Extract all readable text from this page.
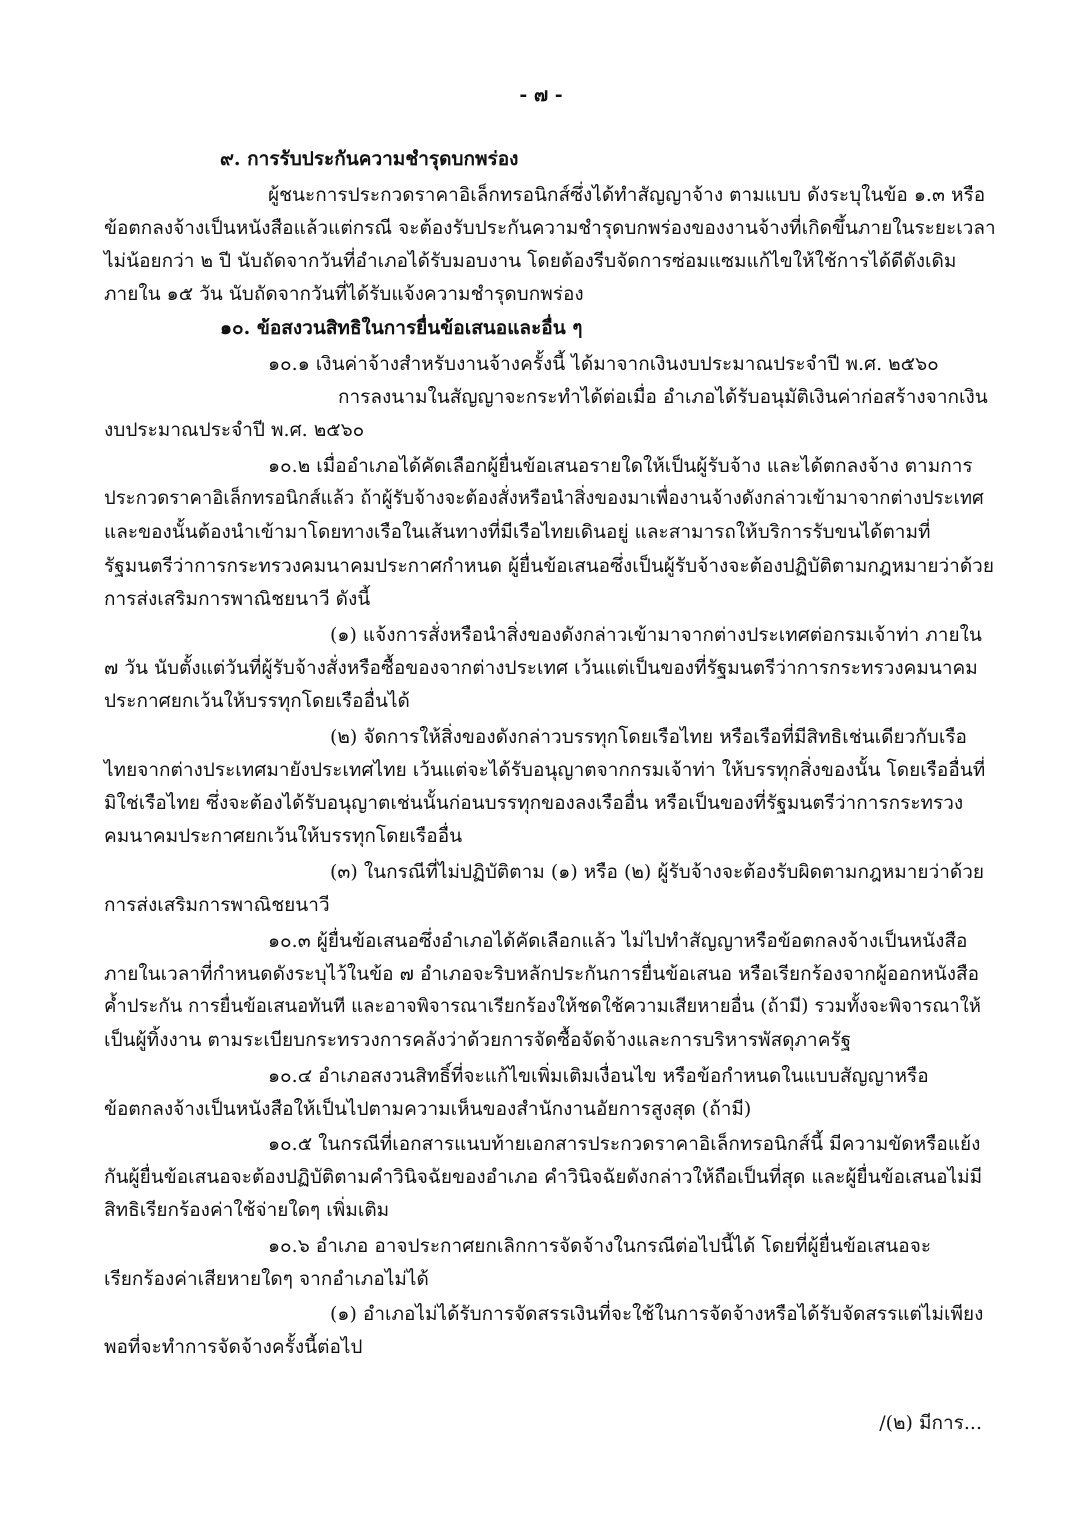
- ๗ -
๙. การรับประกันความชำรุดบกพร่อง
ผู้ชนะการประกวดราคาอิเล็กทรอนิกส์ซึ่งได้ทำสัญญาจ้าง ตามแบบ ดังระบุในข้อ ๑.๓ หรือ
ข้อตกลงจ้างเป็นหนังสือแล้วแต่กรณี จะต้องรับประกันความชำรุดบกพร่องของงานจ้างที่เกิดขึ้นภายในระยะเวลา
ไม่น้อยกว่า ๒ ปี นับถัดจากวันที่อำเภอได้รับมอบงาน โดยต้องรีบจัดการซ่อมแซมแก้ไขให้ใช้การได้ดีดังเดิม
ภายใน ๑๕ วัน นับถัดจากวันที่ได้รับแจ้งความชำรุดบกพร่อง
๑๐. ข้อสงวนสิทธิในการยื่นข้อเสนอและอื่น ๆ
๑๐.๑ เงินค่าจ้างสำหรับงานจ้างครั้งนี้ ได้มาจากเงินงบประมาณประจำปี พ.ศ. ๒๕๖๐
การลงนามในสัญญาจะกระทำได้ต่อเมื่อ อำเภอได้รับอนุมัติเงินค่าก่อสร้างจากเงิน
งบประมาณประจำปี พ.ศ. ๒๕๖๐
๑๐.๒ เมื่ออำเภอได้คัดเลือกผู้ยื่นข้อเสนอรายใดให้เป็นผู้รับจ้าง และได้ตกลงจ้าง ตามการ
ประกวดราคาอิเล็กทรอนิกส์แล้ว ถ้าผู้รับจ้างจะต้องสั่งหรือนำสิ่งของมาเพื่องานจ้างดังกล่าวเข้ามาจากต่างประเทศ
และของนั้นต้องนำเข้ามาโดยทางเรือในเส้นทางที่มีเรือไทยเดินอยู่ และสามารถให้บริการรับขนได้ตามที่
รัฐมนตรีว่าการกระทรวงคมนาคมประกาศกำหนด ผู้ยื่นข้อเสนอซึ่งเป็นผู้รับจ้างจะต้องปฏิบัติตามกฎหมายว่าด้วย
การส่งเสริมการพาณิชยนาวี ดังนี้
(๑) แจ้งการสั่งหรือนำสิ่งของดังกล่าวเข้ามาจากต่างประเทศต่อกรมเจ้าท่า ภายใน
๗ วัน นับตั้งแต่วันที่ผู้รับจ้างสั่งหรือซื้อของจากต่างประเทศ เว้นแต่เป็นของที่รัฐมนตรีว่าการกระทรวงคมนาคม
ประกาศยกเว้นให้บรรทุกโดยเรืออื่นได้
(๒) จัดการให้สิ่งของดังกล่าวบรรทุกโดยเรือไทย หรือเรือที่มีสิทธิเช่นเดียวกับเรือ
ไทยจากต่างประเทศมายังประเทศไทย เว้นแต่จะได้รับอนุญาตจากกรมเจ้าท่า ให้บรรทุกสิ่งของนั้น โดยเรืออื่นที่
มิใช่เรือไทย ซึ่งจะต้องได้รับอนุญาตเช่นนั้นก่อนบรรทุกของลงเรืออื่น หรือเป็นของที่รัฐมนตรีว่าการกระทรวง
คมนาคมประกาศยกเว้นให้บรรทุกโดยเรืออื่น
(๓) ในกรณีที่ไม่ปฏิบัติตาม (๑) หรือ (๒) ผู้รับจ้างจะต้องรับผิดตามกฎหมายว่าด้วย
การส่งเสริมการพาณิชยนาวี
๑๐.๓ ผู้ยื่นข้อเสนอซึ่งอำเภอได้คัดเลือกแล้ว ไม่ไปทำสัญญาหรือข้อตกลงจ้างเป็นหนังสือ
ภายในเวลาที่กำหนดดังระบุไว้ในข้อ ๗ อำเภอจะริบหลักประกันการยื่นข้อเสนอ หรือเรียกร้องจากผู้ออกหนังสือ
ค้ำประกัน การยื่นข้อเสนอทันที และอาจพิจารณาเรียกร้องให้ชดใช้ความเสียหายอื่น (ถ้ามี) รวมทั้งจะพิจารณาให้
เป็นผู้ทิ้งงาน ตามระเบียบกระทรวงการคลังว่าด้วยการจัดซื้อจัดจ้างและการบริหารพัสดุภาครัฐ
๑๐.๔ อำเภอสงวนสิทธิ์ที่จะแก้ไขเพิ่มเติมเงื่อนไข หรือข้อกำหนดในแบบสัญญาหรือ
ข้อตกลงจ้างเป็นหนังสือให้เป็นไปตามความเห็นของสำนักงานอัยการสูงสุด (ถ้ามี)
๑๐.๕ ในกรณีที่เอกสารแนบท้ายเอกสารประกวดราคาอิเล็กทรอนิกส์นี้ มีความขัดหรือแย้ง
กันผู้ยื่นข้อเสนอจะต้องปฏิบัติตามคำวินิจฉัยของอำเภอ คำวินิจฉัยดังกล่าวให้ถือเป็นที่สุด และผู้ยื่นข้อเสนอไม่มี
สิทธิเรียกร้องค่าใช้จ่ายใดๆ เพิ่มเติม
๑๐.๖ อำเภอ อาจประกาศยกเลิกการจัดจ้างในกรณีต่อไปนี้ได้ โดยที่ผู้ยื่นข้อเสนอจะ
เรียกร้องค่าเสียหายใดๆ จากอำเภอไม่ได้
(๑) อำเภอไม่ได้รับการจัดสรรเงินที่จะใช้ในการจัดจ้างหรือได้รับจัดสรรแต่ไม่เพียง
พอที่จะทำการจัดจ้างครั้งนี้ต่อไป
/(๒) มีการ...
